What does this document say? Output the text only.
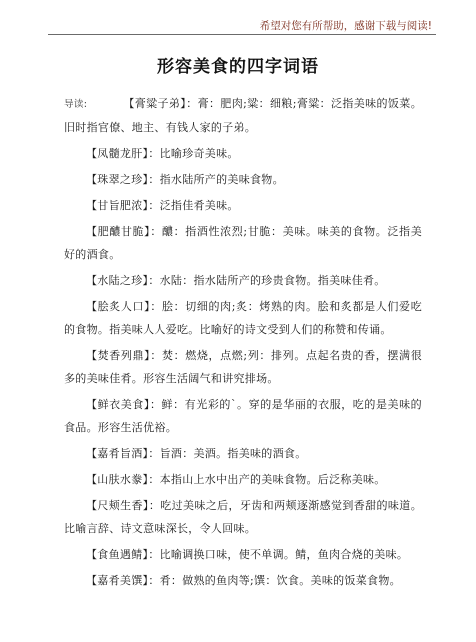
希望对您有所帮助，感谢下载与阅读!
形容美食的四字词语

导读:	【膏粱子弟】：膏：肥肉;粱：细粮;膏粱：泛指美味的饭菜。旧时指官僚、地主、有钱人家的子弟。

【凤髓龙肝】：比喻珍奇美味。

【珠翠之珍】：指水陆所产的美味食物。

【甘旨肥浓】：泛指佳肴美味。

【肥醲甘脆】：醲：指酒性浓烈;甘脆：美味。味美的食物。泛指美好的酒食。

【水陆之珍】：水陆：指水陆所产的珍贵食物。指美味佳肴。

【脍炙人口】：脍：切细的肉;炙：烤熟的肉。脍和炙都是人们爱吃的食物。指美味人人爱吃。比喻好的诗文受到人们的称赞和传诵。

【焚香列鼎】：焚：燃烧，点燃;列：排列。点起名贵的香，摆满很多的美味佳肴。形容生活阔气和讲究排场。

【鲜衣美食】：鲜：有光彩的`。穿的是华丽的衣服，吃的是美味的食品。形容生活优裕。

【嘉肴旨酒】：旨酒：美酒。指美味的酒食。

【山肤水豢】：本指山上水中出产的美味食物。后泛称美味。

【尺颊生香】：吃过美味之后，牙齿和两颊逐渐感觉到香甜的味道。比喻言辞、诗文意味深长，令人回味。

【食鱼遇鲭】：比喻调换口味，使不单调。鲭，鱼肉合烧的美味。

【嘉肴美馔】：肴：做熟的鱼肉等;馔：饮食。美味的饭菜食物。
